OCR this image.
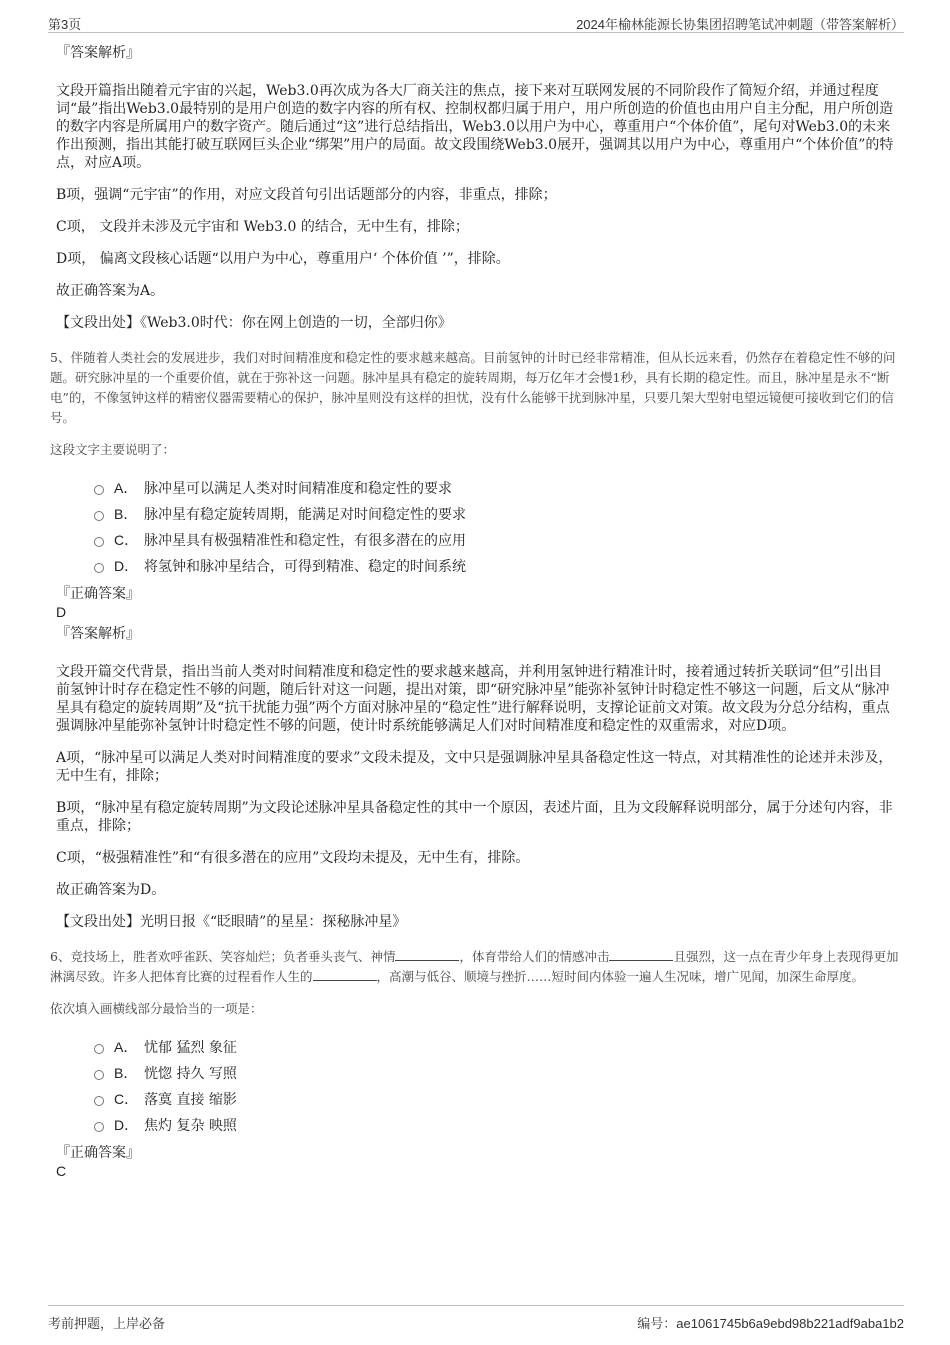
第3页	2024年榆林能源长协集团招聘笔试冲刺题（带答案解析）
『答案解析』

文段开篇指出随着元宇宙的兴起，Web3.0再次成为各大厂商关注的焦点，接下来对互联网发展的不同阶段作了简短介绍，并通过程度词“最”指出Web3.0最特别的是用户创造的数字内容的所有权、控制权都归属于用户，用户所创造的价值也由用户自主分配，用户所创造的数字内容是所属用户的数字资产。随后通过“这”进行总结指出，Web3.0以用户为中心，尊重用户“个体价值”，尾句对Web3.0的未来作出预测，指出其能打破互联网巨头企业“绑架”用户的局面。故文段围绕Web3.0展开，强调其以用户为中心，尊重用户“个体价值”的特点，对应A项。

B项，强调“元宇宙”的作用，对应文段首句引出话题部分的内容，非重点，排除；

C项， 文段并未涉及元宇宙和 Web3.0 的结合，无中生有，排除；

D项， 偏离文段核心话题“以用户为中心，尊重用户‘ 个体价值 ’”，排除。

故正确答案为A。

【文段出处】《Web3.0时代：你在网上创造的一切，全部归你》

5、伴随着人类社会的发展进步，我们对时间精准度和稳定性的要求越来越高。目前氢钟的计时已经非常精准，但从长远来看，仍然存在着稳定性不够的问题。研究脉冲星的一个重要价值，就在于弥补这一问题。脉冲星具有稳定的旋转周期，每万亿年才会慢1秒，具有长期的稳定性。而且，脉冲星是永不“断电”的，不像氢钟这样的精密仪器需要精心的保护，脉冲星则没有这样的担忧，没有什么能够干扰到脉冲星，只要几架大型射电望远镜便可接收到它们的信号。

这段文字主要说明了：
A． 脉冲星可以满足人类对时间精准度和稳定性的要求
B． 脉冲星有稳定旋转周期，能满足对时间稳定性的要求
C． 脉冲星具有极强精准性和稳定性，有很多潜在的应用
D． 将氢钟和脉冲星结合，可得到精准、稳定的时间系统
『正确答案』
D
『答案解析』

文段开篇交代背景，指出当前人类对时间精准度和稳定性的要求越来越高，并利用氢钟进行精准计时，接着通过转折关联词“但”引出目前氢钟计时存在稳定性不够的问题，随后针对这一问题，提出对策，即“研究脉冲星”能弥补氢钟计时稳定性不够这一问题，后文从“脉冲星具有稳定的旋转周期”及“抗干扰能力强”两个方面对脉冲星的“稳定性”进行解释说明，支撑论证前文对策。故文段为分总分结构，重点强调脉冲星能弥补氢钟计时稳定性不够的问题，使计时系统能够满足人们对时间精准度和稳定性的双重需求，对应D项。

A项，“脉冲星可以满足人类对时间精准度的要求”文段未提及，文中只是强调脉冲星具备稳定性这一特点，对其精准性的论述并未涉及，无中生有，排除；

B项，“脉冲星有稳定旋转周期”为文段论述脉冲星具备稳定性的其中一个原因，表述片面，且为文段解释说明部分，属于分述句内容，非重点，排除；

C项，“极强精准性”和“有很多潜在的应用”文段均未提及，无中生有，排除。

故正确答案为D。

【文段出处】光明日报《“眨眼睛”的星星：探秘脉冲星》

6、竞技场上，胜者欢呼雀跃、笑容灿烂；负者垂头丧气、神情	，体育带给人们的情感冲击	且强烈，这一点在青少年身上表现得更加淋漓尽致。许多人把体育比赛的过程看作人生的	，高潮与低谷、顺境与挫折……短时间内体验一遍人生况味，增广见闻，加深生命厚度。

依次填入画横线部分最恰当的一项是：
A． 忧郁 猛烈 象征
B． 恍惚 持久 写照
C． 落寞 直接 缩影
D． 焦灼 复杂 映照
『正确答案』
C
考前押题，上岸必备	编号：ae1061745b6a9ebd98b221adf9aba1b2
